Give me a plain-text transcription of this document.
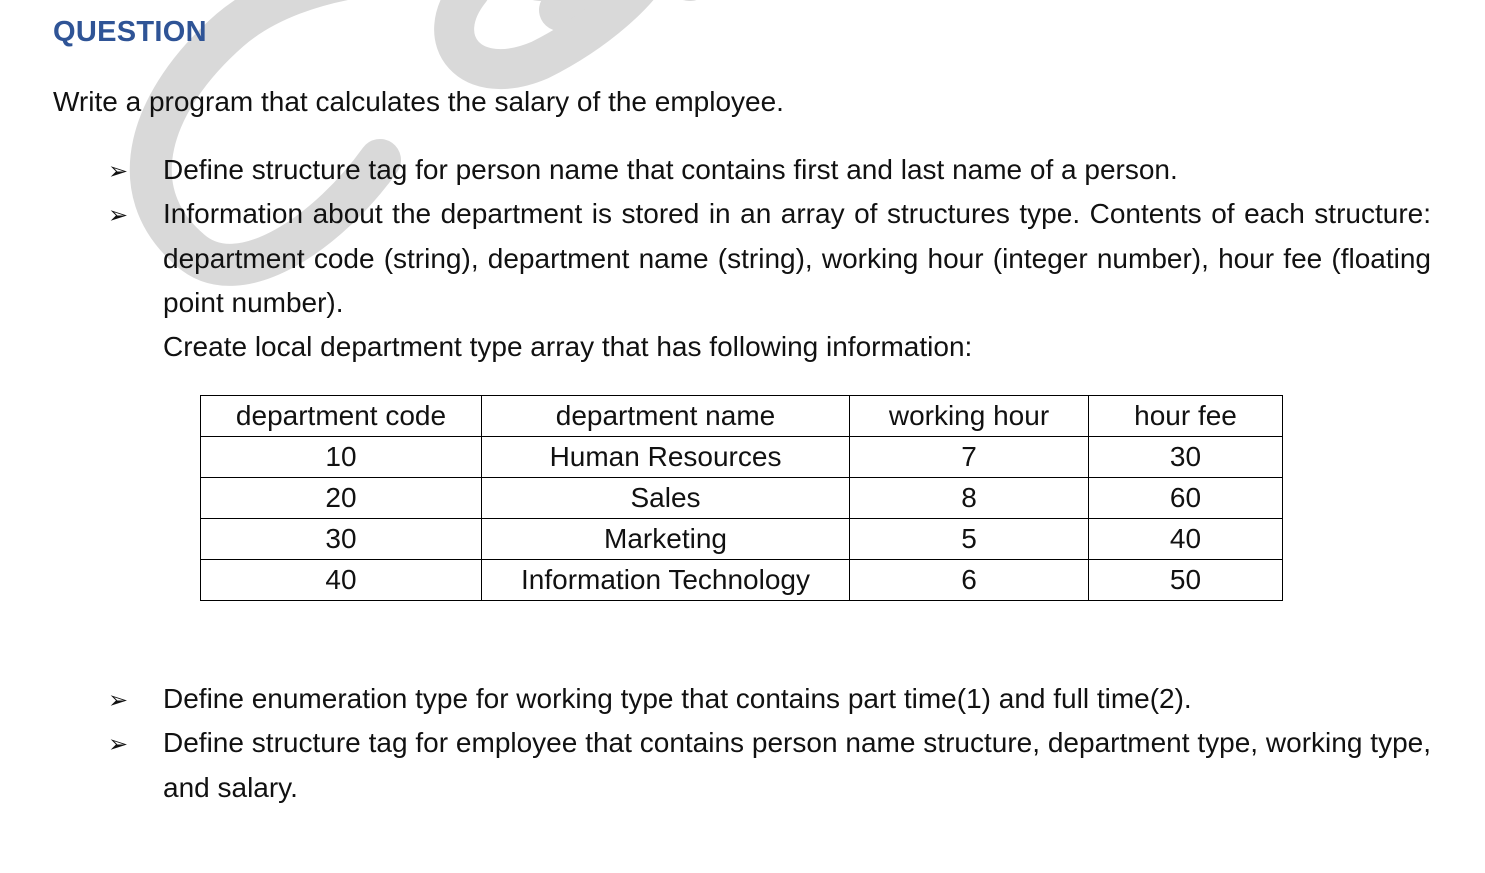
QUESTION
Write a program that calculates the salary of the employee.
➢ Define structure tag for person name that contains first and last name of a person.
➢ Information about the department is stored in an array of structures type. Contents of each structure: department code (string), department name (string), working hour (integer number), hour fee (floating point number).
Create local department type array that has following information:
department code	department name	working hour	hour fee
10	Human Resources	7	30
20	Sales	8	60
30	Marketing	5	40
40	Information Technology	6	50
➢ Define enumeration type for working type that contains part time(1) and full time(2).
➢ Define structure tag for employee that contains person name structure, department type, working type, and salary.
